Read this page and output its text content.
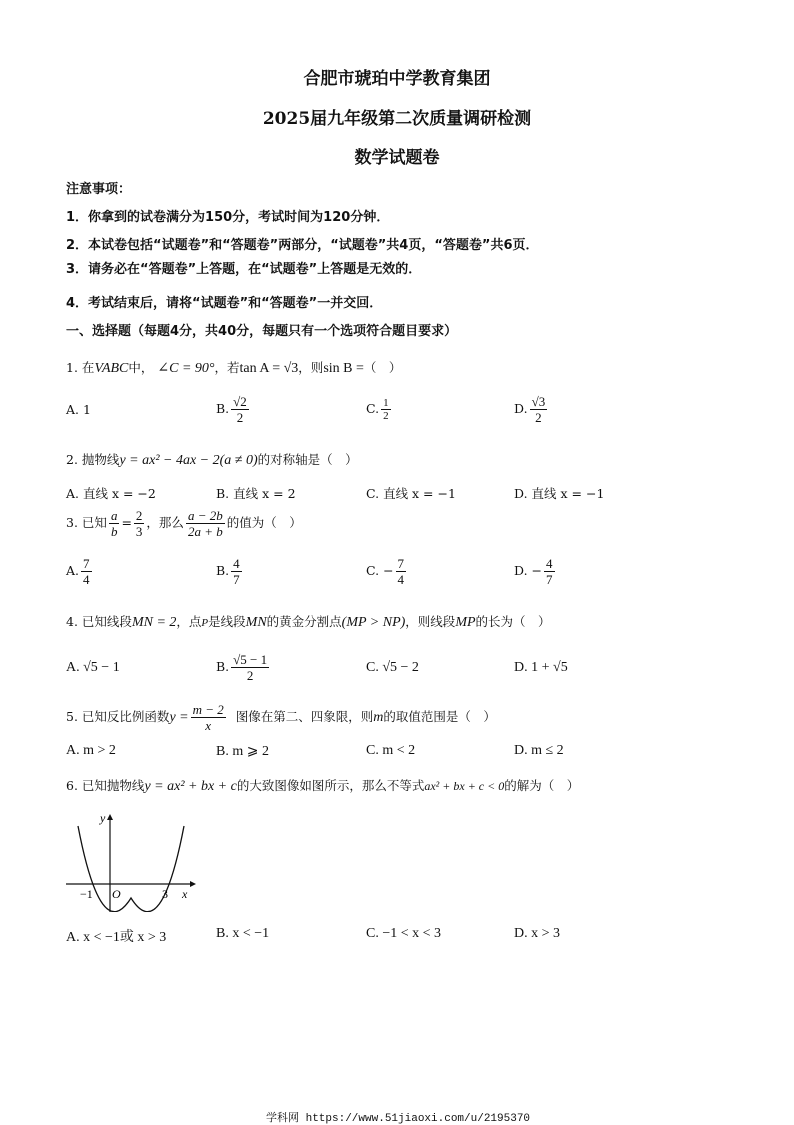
合肥市琥珀中学教育集团
2025届九年级第二次质量调研检测
数学试题卷
注意事项：
1．你拿到的试卷满分为150分，考试时间为120分钟．
2．本试卷包括“试题卷”和“答题卷”两部分，“试题卷”共4页，“答题卷”共6页．
3．请务必在“答题卷”上答题，在“试题卷”上答题是无效的．
4．考试结束后，请将“试题卷”和“答题卷”一并交回．
一、选择题（每题4分，共40分，每题只有一个选项符合题目要求）
1. 在VABC中， ∠C = 90°，若tan A = √3，则sin B =（　）
A. 1	B. $\frac{√2}{2}$	C. $\frac{1}{2}$	D. $\frac{√3}{2}$
2. 抛物线y = ax² − 4ax − 2(a ≠ 0)的对称轴是（　）
A. 直线 x = −2	B. 直线 x = 2	C. 直线 x = −1	D. 直线 x = −1
3. 已知 $\frac{a}{b} = \frac{2}{3}$ ，那么 $\frac{a - 2b}{2a + b}$ 的值为（　）
A. $\frac{7}{4}$	B. $\frac{4}{7}$	C. − $\frac{7}{4}$	D. − $\frac{4}{7}$
4. 已知线段MN = 2，点P是线段MN的黄金分割点(MP > NP)，则线段MP的长为（　）
A. √5 − 1	B. $\frac{√5 - 1}{2}$	C. √5 − 2	D. 1 + √5
5. 已知反比例函数$y = \frac{m - 2}{x}$ 图像在第二、四象限，则m的取值范围是（　）
A. m > 2	B. m ⩾ 2	C. m < 2	D. m ≤ 2
6. 已知抛物线y = ax² + bx + c的大致图像如图所示，那么不等式ax² + bx + c < 0的解为（　）
y
x
O
−1	3
A. x < −1或 x > 3	B. x < −1	C. −1 < x < 3	D. x > 3
学科网 https://www.51jiaoxi.com/u/2195370
